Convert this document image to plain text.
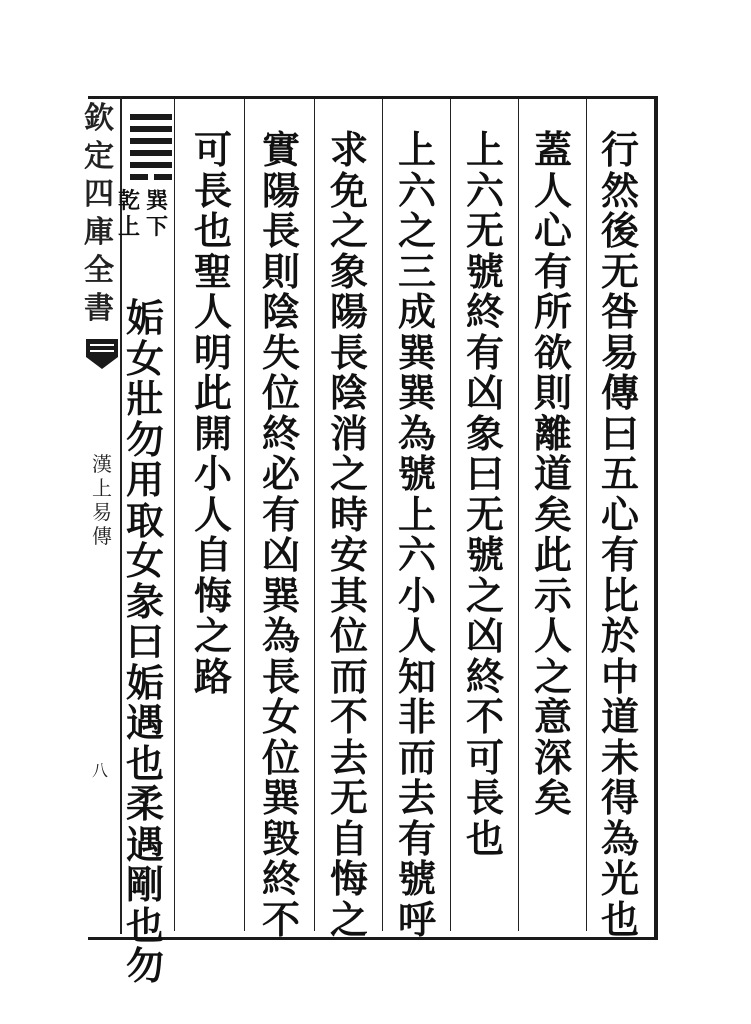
欽
定
四
庫
全
書
漢
上
易
傳
八
巽
下
乾
上
行
然
後
无
咎
易
傳
曰
五
心
有
比
於
中
道
未
得
為
光
也
蓋
人
心
有
所
欲
則
離
道
矣
此
示
人
之
意
深
矣
上
六
无
號
終
有
凶
象
曰
无
號
之
凶
終
不
可
長
也
上
六
之
三
成
巽
巽
為
號
上
六
小
人
知
非
而
去
有
號
呼
求
免
之
象
陽
長
陰
消
之
時
安
其
位
而
不
去
无
自
悔
之
實
陽
長
則
陰
失
位
終
必
有
凶
巽
為
長
女
位
巽
毀
終
不
可
長
也
聖
人
明
此
開
小
人
自
悔
之
路
姤
女
壯
勿
用
取
女
彖
曰
姤
遇
也
柔
遇
剛
也
勿
